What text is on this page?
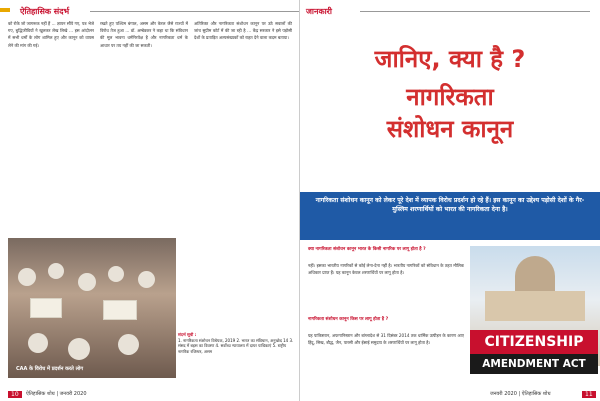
ऐतिहासिक संदर्भ
को रोके जो जागरूक नहीं हैं ... ज्ञापन सौंपे गए, पत्र भेजे गए, बुद्धिजीवियों ने खुलकर लेख लिखे ... इस आंदोलन में सभी धर्मों के लोग शामिल हुए और कानून को वापस लेने की मांग की गई।
रखते हुए पश्चिम बंगाल, असम और केरल जैसे राज्यों में विरोध तेज हुआ ... डॉ. अम्बेडकर ने कहा था कि संविधान की मूल भावना धर्मनिरपेक्ष है और नागरिकता धर्म के आधार पर तय नहीं की जा सकती।
अतिरिक्त और नागरिकता संशोधन कानून पर उठे सवालों की जांच सुप्रीम कोर्ट में की जा रही है ... केंद्र सरकार ने इसे पड़ोसी देशों के प्रताड़ित अल्पसंख्यकों को राहत देने वाला कदम बताया।
CAA के विरोध में प्रदर्शन करते लोग
संदर्भ सूची :
1. नागरिकता संशोधन विधेयक, 2019 2. भारत का संविधान, अनुच्छेद 14 3. संसद में बहस का विवरण 4. सर्वोच्च न्यायालय में दायर याचिकाएं 5. राष्ट्रीय नागरिक रजिस्टर, असम
10	ऐतिहासिक शोध | जनवरी 2020
जानकारी
जानिए, क्या है ?
नागरिकता
संशोधन कानून
नागरिकता संशोधन कानून को लेकर पूरे देश में व्यापक विरोध प्रदर्शन हो रहे हैं। इस कानून का उद्देश्य पड़ोसी देशों के गैर-मुस्लिम शरणार्थियों को भारत की नागरिकता देना है।
क्या नागरिकता संशोधन कानून भारत के किसी नागरिक पर लागू होता है ?
नहीं। इसका भारतीय नागरिकों से कोई लेना-देना नहीं है। भारतीय नागरिकों को संविधान के तहत मौलिक अधिकार प्राप्त हैं। यह कानून केवल शरणार्थियों पर लागू होता है।
नागरिकता संशोधन कानून किस पर लागू होता है ?
यह पाकिस्तान, अफगानिस्तान और बांग्लादेश से 31 दिसंबर 2014 तक धार्मिक उत्पीड़न के कारण आए हिंदू, सिख, बौद्ध, जैन, पारसी और ईसाई समुदाय के शरणार्थियों पर लागू होता है।	CITIZENSHIP
AMENDMENT ACT
जनवरी 2020 | ऐतिहासिक शोध	11
